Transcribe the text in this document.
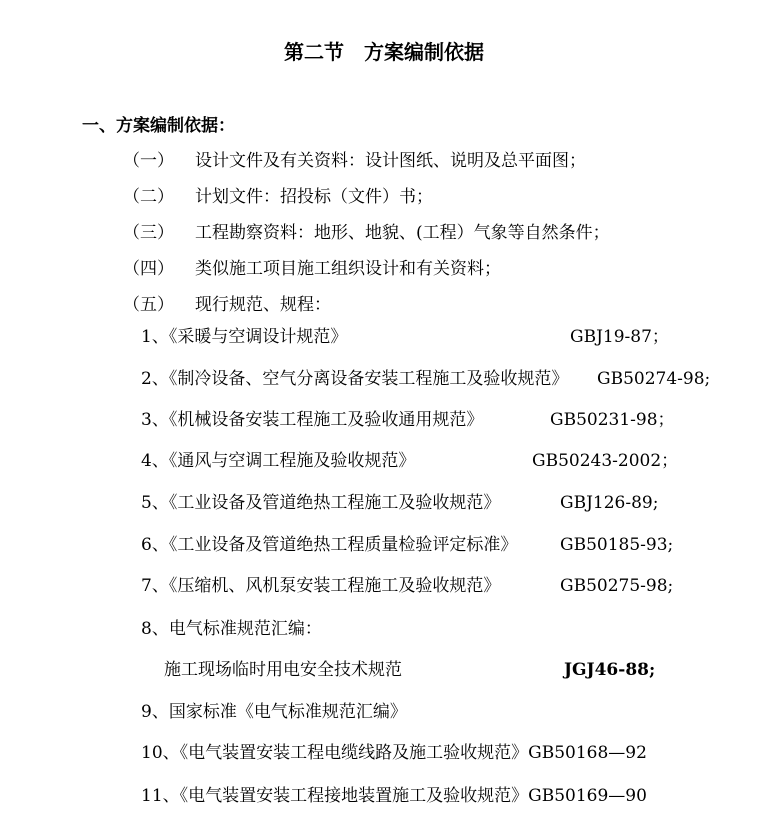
第二节　方案编制依据
一、方案编制依据：
（一） 设计文件及有关资料：设计图纸、说明及总平面图；
（二） 计划文件：招投标（文件）书；
（三） 工程勘察资料：地形、地貌、(工程）气象等自然条件；
（四） 类似施工项目施工组织设计和有关资料；
（五） 现行规范、规程：
1、《采暖与空调设计规范》	GBJ19-87；
2、《制冷设备、空气分离设备安装工程施工及验收规范》 GB50274-98;
3、《机械设备安装工程施工及验收通用规范》	GB50231-98；
4、《通风与空调工程施及验收规范》	GB50243-2002；
5、《工业设备及管道绝热工程施工及验收规范》	GBJ126-89;
6、《工业设备及管道绝热工程质量检验评定标准》	GB50185-93;
7、《压缩机、风机泵安装工程施工及验收规范》	GB50275-98;
8、电气标准规范汇编：
施工现场临时用电安全技术规范	JGJ46-88;
9、国家标准《电气标准规范汇编》
10、《电气装置安装工程电缆线路及施工验收规范》GB50168—92
11、《电气装置安装工程接地装置施工及验收规范》GB50169—90
